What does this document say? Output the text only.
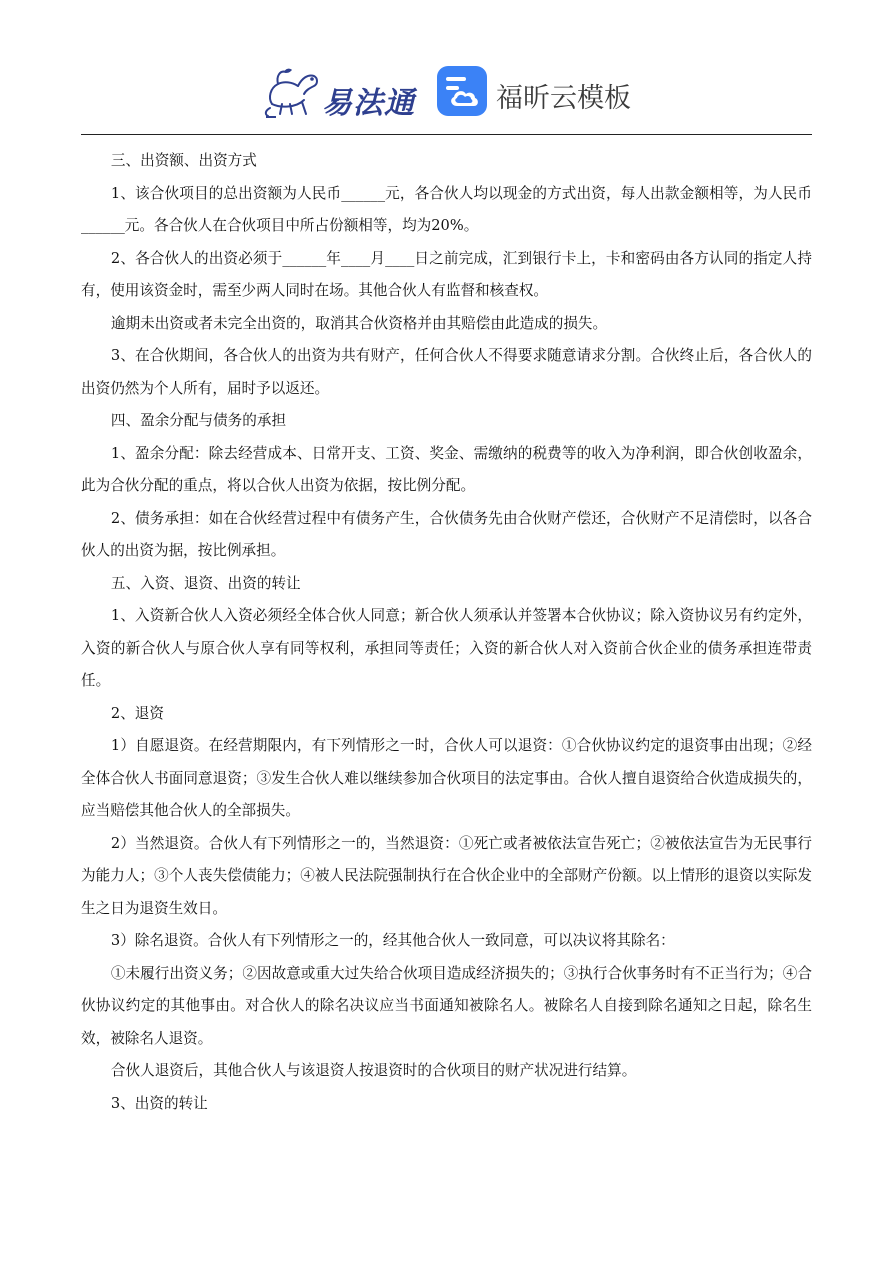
易法通	福昕云模板

三、出资额、出资方式

1、该合伙项目的总出资额为人民币______元，各合伙人均以现金的方式出资，每人出款金额相等，为人民币______元。各合伙人在合伙项目中所占份额相等，均为20%。

2、各合伙人的出资必须于______年____月____日之前完成，汇到银行卡上，卡和密码由各方认同的指定人持有，使用该资金时，需至少两人同时在场。其他合伙人有监督和核查权。

逾期未出资或者未完全出资的，取消其合伙资格并由其赔偿由此造成的损失。

3、在合伙期间，各合伙人的出资为共有财产，任何合伙人不得要求随意请求分割。合伙终止后，各合伙人的出资仍然为个人所有，届时予以返还。

四、盈余分配与债务的承担

1、盈余分配：除去经营成本、日常开支、工资、奖金、需缴纳的税费等的收入为净利润，即合伙创收盈余，此为合伙分配的重点，将以合伙人出资为依据，按比例分配。

2、债务承担：如在合伙经营过程中有债务产生，合伙债务先由合伙财产偿还，合伙财产不足清偿时，以各合伙人的出资为据，按比例承担。

五、入资、退资、出资的转让

1、入资新合伙人入资必须经全体合伙人同意；新合伙人须承认并签署本合伙协议；除入资协议另有约定外，入资的新合伙人与原合伙人享有同等权利，承担同等责任；入资的新合伙人对入资前合伙企业的债务承担连带责任。

2、退资

1）自愿退资。在经营期限内，有下列情形之一时，合伙人可以退资：①合伙协议约定的退资事由出现；②经全体合伙人书面同意退资；③发生合伙人难以继续参加合伙项目的法定事由。合伙人擅自退资给合伙造成损失的，应当赔偿其他合伙人的全部损失。

2）当然退资。合伙人有下列情形之一的，当然退资：①死亡或者被依法宣告死亡；②被依法宣告为无民事行为能力人；③个人丧失偿债能力；④被人民法院强制执行在合伙企业中的全部财产份额。以上情形的退资以实际发生之日为退资生效日。

3）除名退资。合伙人有下列情形之一的，经其他合伙人一致同意，可以决议将其除名：

①未履行出资义务；②因故意或重大过失给合伙项目造成经济损失的；③执行合伙事务时有不正当行为；④合伙协议约定的其他事由。对合伙人的除名决议应当书面通知被除名人。被除名人自接到除名通知之日起，除名生效，被除名人退资。

合伙人退资后，其他合伙人与该退资人按退资时的合伙项目的财产状况进行结算。

3、出资的转让
